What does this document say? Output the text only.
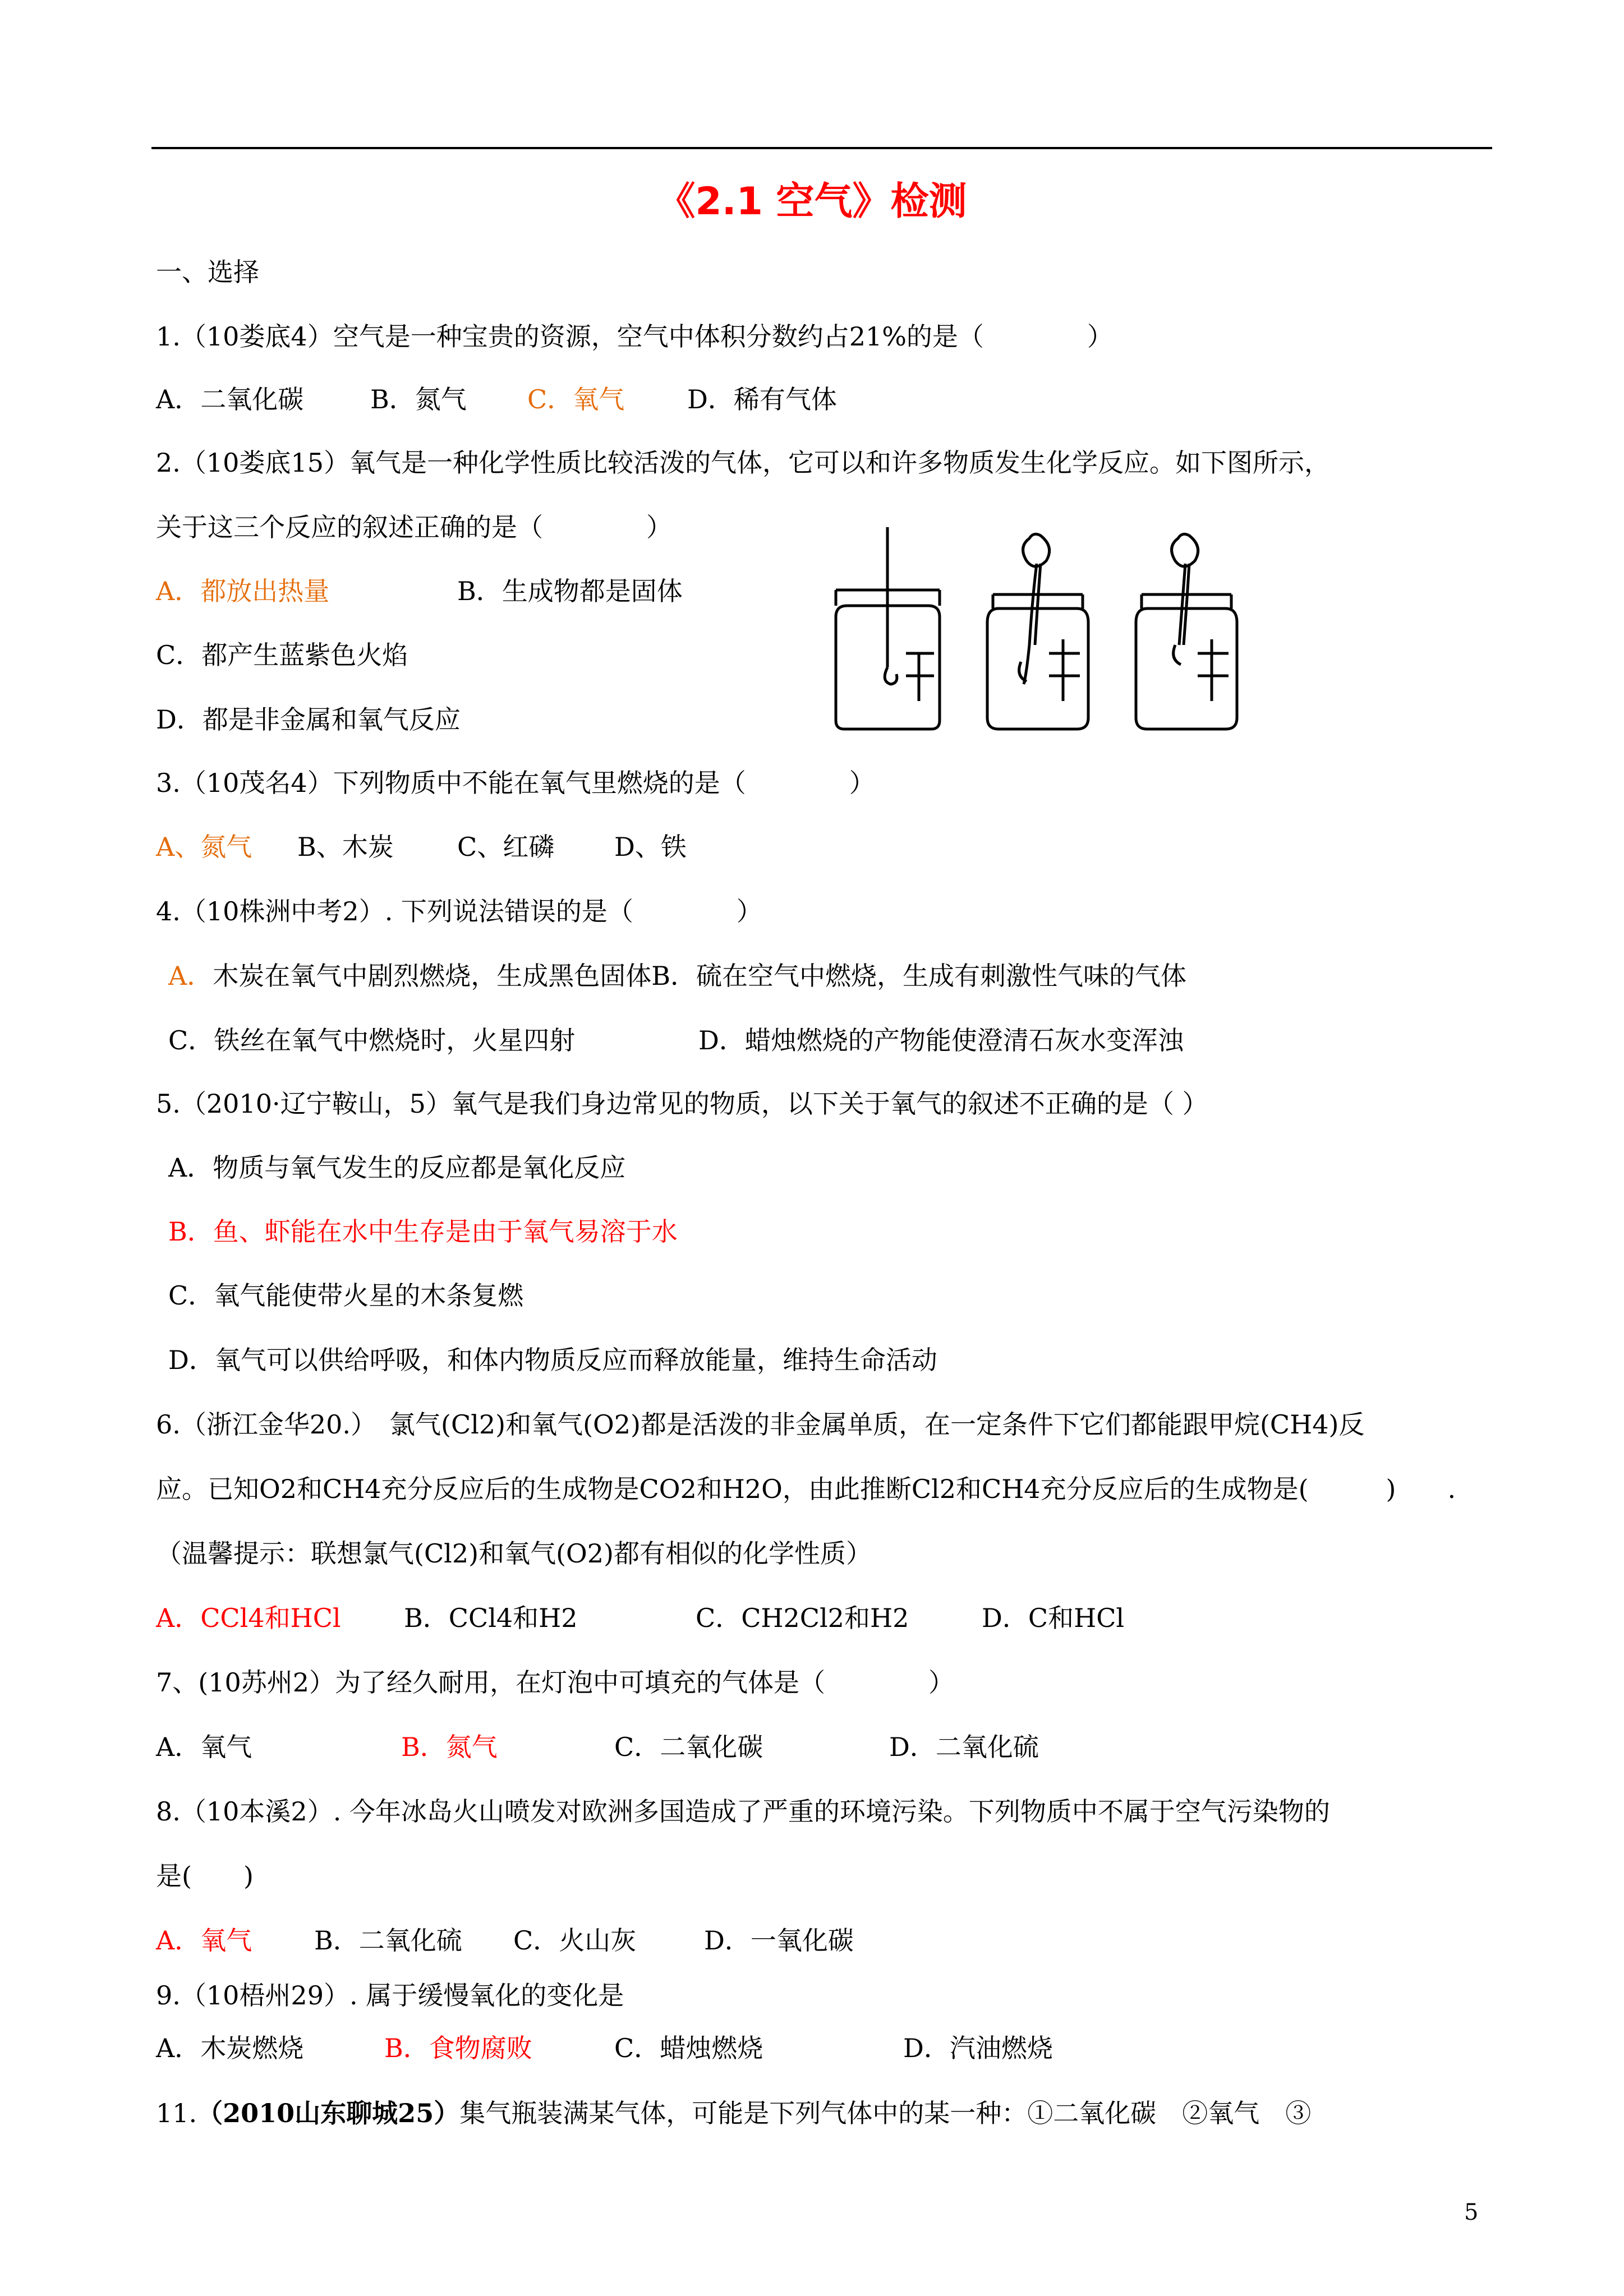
《2.1 空气》检测
一、选择
1.（10娄底4）空气是一种宝贵的资源，空气中体积分数约占21%的是（　　　　）
A．二氧化碳	B．氮气 C．氧气 D．稀有气体
2.（10娄底15）氧气是一种化学性质比较活泼的气体，它可以和许多物质发生化学反应。如下图所示，
关于这三个反应的叙述正确的是（　　　　）
A．都放出热量	B．生成物都是固体
C．都产生蓝紫色火焰
D．都是非金属和氧气反应
3.（10茂名4）下列物质中不能在氧气里燃烧的是（　　　　）
A、氮气 B、木炭 C、红磷 D、铁
4.（10株洲中考2）. 下列说法错误的是（　　　　）
A．木炭在氧气中剧烈燃烧，生成黑色固体B．硫在空气中燃烧，生成有刺激性气味的气体
C．铁丝在氧气中燃烧时，火星四射	D．蜡烛燃烧的产物能使澄清石灰水变浑浊
5.（2010·辽宁鞍山，5）氧气是我们身边常见的物质，以下关于氧气的叙述不正确的是（ ）
A．物质与氧气发生的反应都是氧化反应
B．鱼、虾能在水中生存是由于氧气易溶于水
C．氧气能使带火星的木条复燃
D．氧气可以供给呼吸，和体内物质反应而释放能量，维持生命活动
6.（浙江金华20.）　氯气(Cl2)和氧气(O2)都是活泼的非金属单质，在一定条件下它们都能跟甲烷(CH4)反
应。已知O2和CH4充分反应后的生成物是CO2和H2O，由此推断Cl2和CH4充分反应后的生成物是(　　　)　　.
（温馨提示：联想氯气(Cl2)和氧气(O2)都有相似的化学性质）
A．CCl4和HCl B．CCl4和H2	C．CH2Cl2和H2	D．C和HCl
7、(10苏州2）为了经久耐用，在灯泡中可填充的气体是（　　　　）
A．氧气	B．氮气	C．二氧化碳	D．二氧化硫
8.（10本溪2）. 今年冰岛火山喷发对欧洲多国造成了严重的环境污染。下列物质中不属于空气污染物的
是(　　)
A．氧气 B．二氧化硫 C．火山灰	D．一氧化碳
9.（10梧州29）. 属于缓慢氧化的变化是
A．木炭燃烧	B．食物腐败	C．蜡烛燃烧	D．汽油燃烧
11.（2010山东聊城25）集气瓶装满某气体，可能是下列气体中的某一种：①二氧化碳　②氧气　③
5
